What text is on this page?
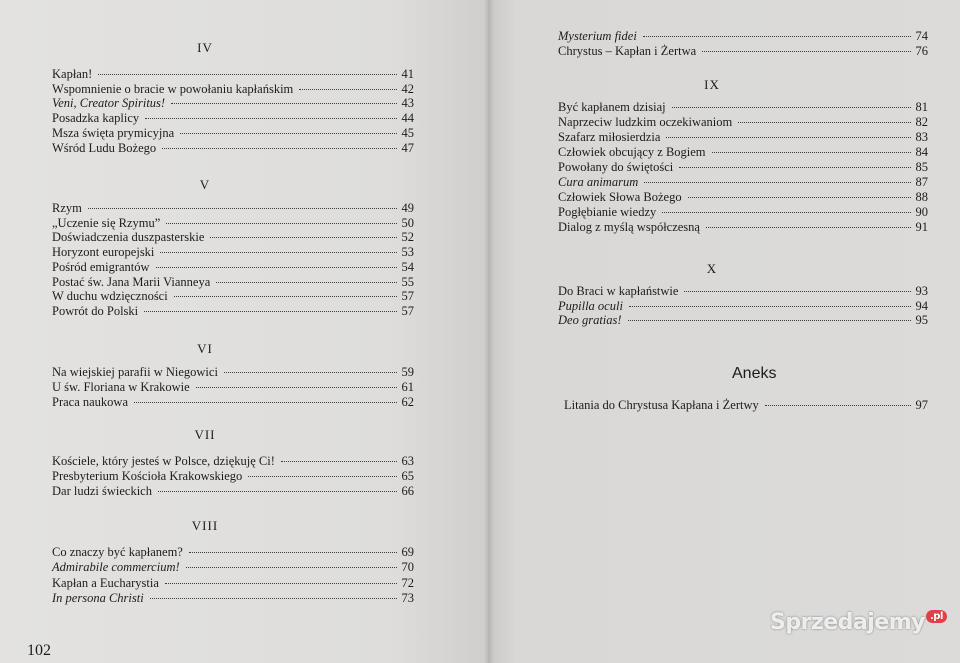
IV
Kapłan!	41
Wspomnienie o bracie w powołaniu kapłańskim	42
Veni, Creator Spiritus!	43
Posadzka kaplicy	44
Msza święta prymicyjna	45
Wśród Ludu Bożego	47
V
Rzym	49
„Uczenie się Rzymu”	50
Doświadczenia duszpasterskie	52
Horyzont europejski	53
Pośród emigrantów	54
Postać św. Jana Marii Vianneya	55
W duchu wdzięczności	57
Powrót do Polski	57
VI
Na wiejskiej parafii w Niegowici	59
U św. Floriana w Krakowie	61
Praca naukowa	62
VII
Kościele, który jesteś w Polsce, dziękuję Ci!	63
Presbyterium Kościoła Krakowskiego	65
Dar ludzi świeckich	66
VIII
Co znaczy być kapłanem?	69
Admirabile commercium!	70
Kapłan a Eucharystia	72
In persona Christi	73
Mysterium fidei	74
Chrystus – Kapłan i Żertwa	76
IX
Być kapłanem dzisiaj	81
Naprzeciw ludzkim oczekiwaniom	82
Szafarz miłosierdzia	83
Człowiek obcujący z Bogiem	84
Powołany do świętości	85
Cura animarum	87
Człowiek Słowa Bożego	88
Pogłębianie wiedzy	90
Dialog z myślą współczesną	91
X
Do Braci w kapłaństwie	93
Pupilla oculi	94
Deo gratias!	95
Aneks
Litania do Chrystusa Kapłana i Żertwy	97
102
Sprzedajemy .pl
